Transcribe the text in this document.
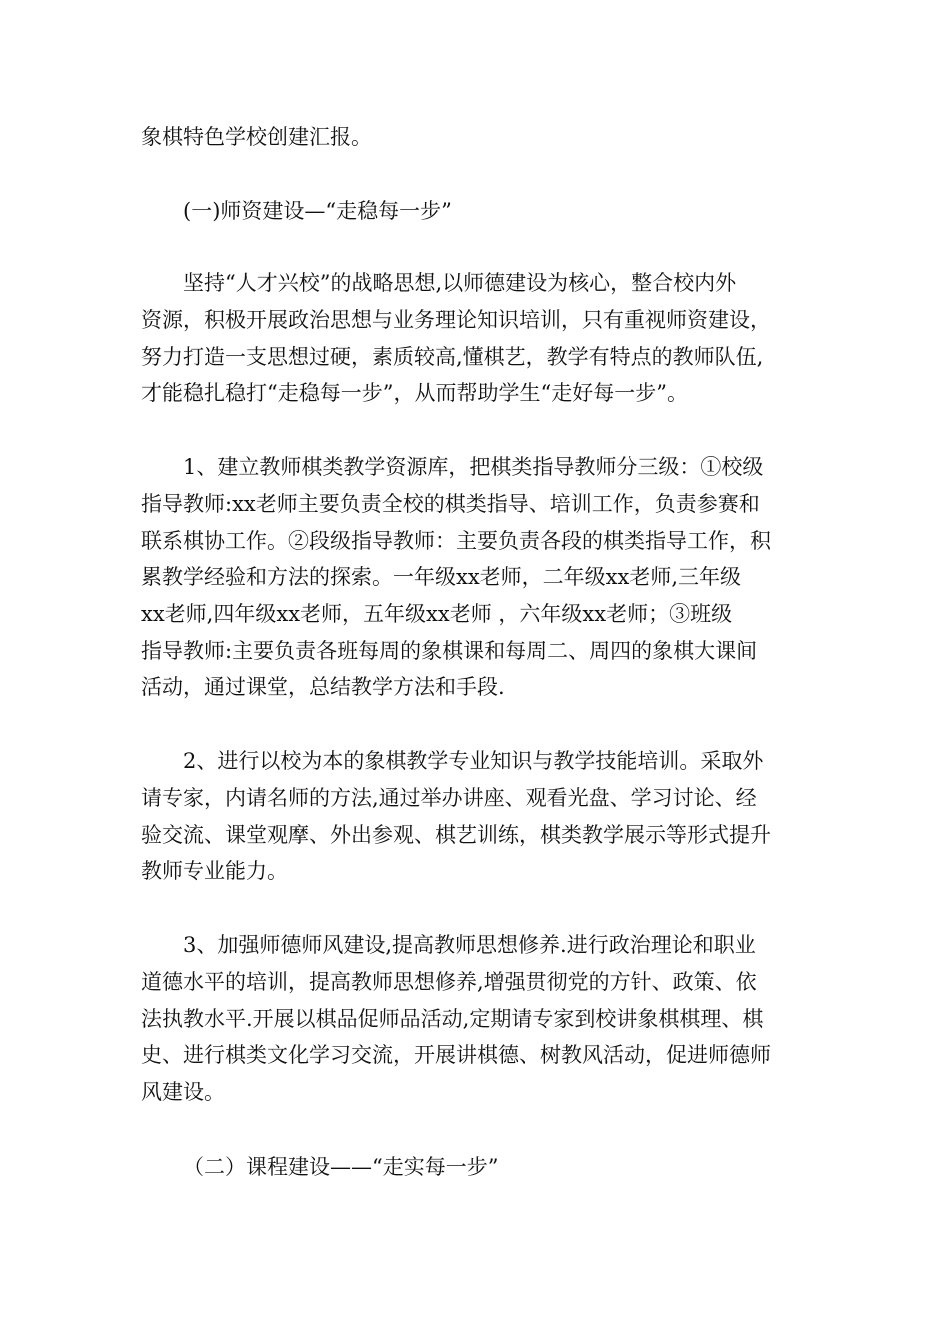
象棋特色学校创建汇报。
(一)师资建设—“走稳每一步”
坚持“人才兴校”的战略思想,以师德建设为核心，整合校内外
资源，积极开展政治思想与业务理论知识培训，只有重视师资建设，
努力打造一支思想过硬，素质较高,懂棋艺，教学有特点的教师队伍,
才能稳扎稳打“走稳每一步”，从而帮助学生“走好每一步”。
1、建立教师棋类教学资源库，把棋类指导教师分三级：①校级
指导教师:xx老师主要负责全校的棋类指导、培训工作，负责参赛和
联系棋协工作。②段级指导教师：主要负责各段的棋类指导工作，积
累教学经验和方法的探索。一年级xx老师，二年级xx老师,三年级
xx老师,四年级xx老师，五年级xx老师 ，六年级xx老师；③班级
指导教师:主要负责各班每周的象棋课和每周二、周四的象棋大课间
活动，通过课堂，总结教学方法和手段.
2、进行以校为本的象棋教学专业知识与教学技能培训。采取外
请专家，内请名师的方法,通过举办讲座、观看光盘、学习讨论、经
验交流、课堂观摩、外出参观、棋艺训练，棋类教学展示等形式提升
教师专业能力。
3、加强师德师风建设,提高教师思想修养.进行政治理论和职业
道德水平的培训，提高教师思想修养,增强贯彻党的方针、政策、依
法执教水平.开展以棋品促师品活动,定期请专家到校讲象棋棋理、棋
史、进行棋类文化学习交流，开展讲棋德、树教风活动，促进师德师
风建设。
（二）课程建设——“走实每一步”
